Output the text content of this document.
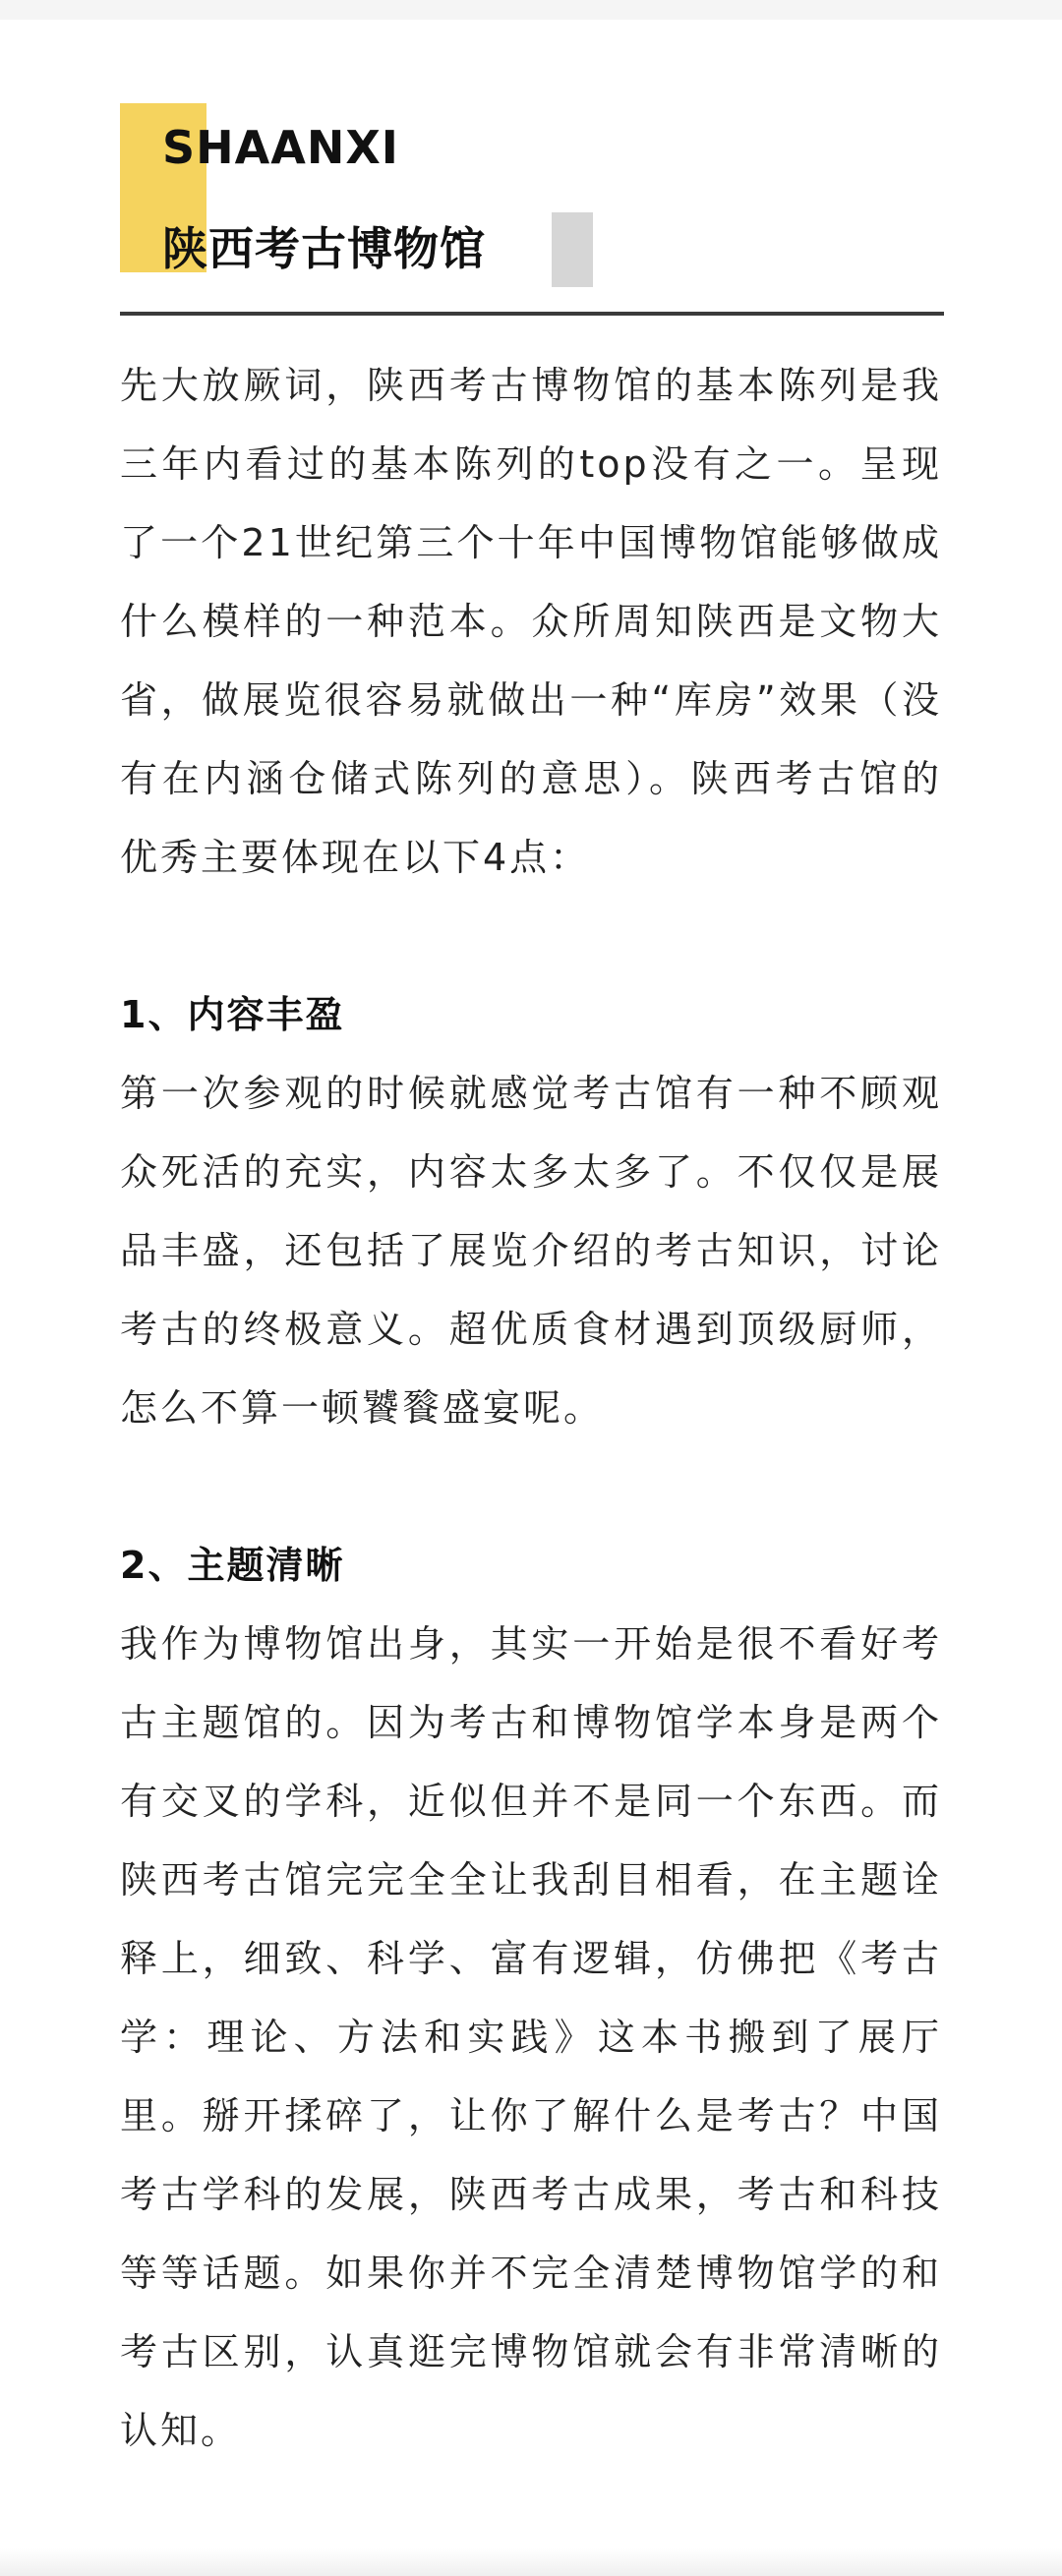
SHAANXI
陕西考古博物馆

先大放厥词，陕西考古博物馆的基本陈列是我三年内看过的基本陈列的top没有之一。呈现了一个21世纪第三个十年中国博物馆能够做成什么模样的一种范本。众所周知陕西是文物大省，做展览很容易就做出一种“库房”效果（没有在内涵仓储式陈列的意思）。陕西考古馆的优秀主要体现在以下4点：

1、内容丰盈

第一次参观的时候就感觉考古馆有一种不顾观众死活的充实，内容太多太多了。不仅仅是展品丰盛，还包括了展览介绍的考古知识，讨论考古的终极意义。超优质食材遇到顶级厨师，怎么不算一顿饕餮盛宴呢。

2、主题清晰

我作为博物馆出身，其实一开始是很不看好考古主题馆的。因为考古和博物馆学本身是两个有交叉的学科，近似但并不是同一个东西。而陕西考古馆完完全全让我刮目相看，在主题诠释上，细致、科学、富有逻辑，仿佛把《考古学：理论、方法和实践》这本书搬到了展厅里。掰开揉碎了，让你了解什么是考古？中国考古学科的发展，陕西考古成果，考古和科技等等话题。如果你并不完全清楚博物馆学的和考古区别，认真逛完博物馆就会有非常清晰的认知。
